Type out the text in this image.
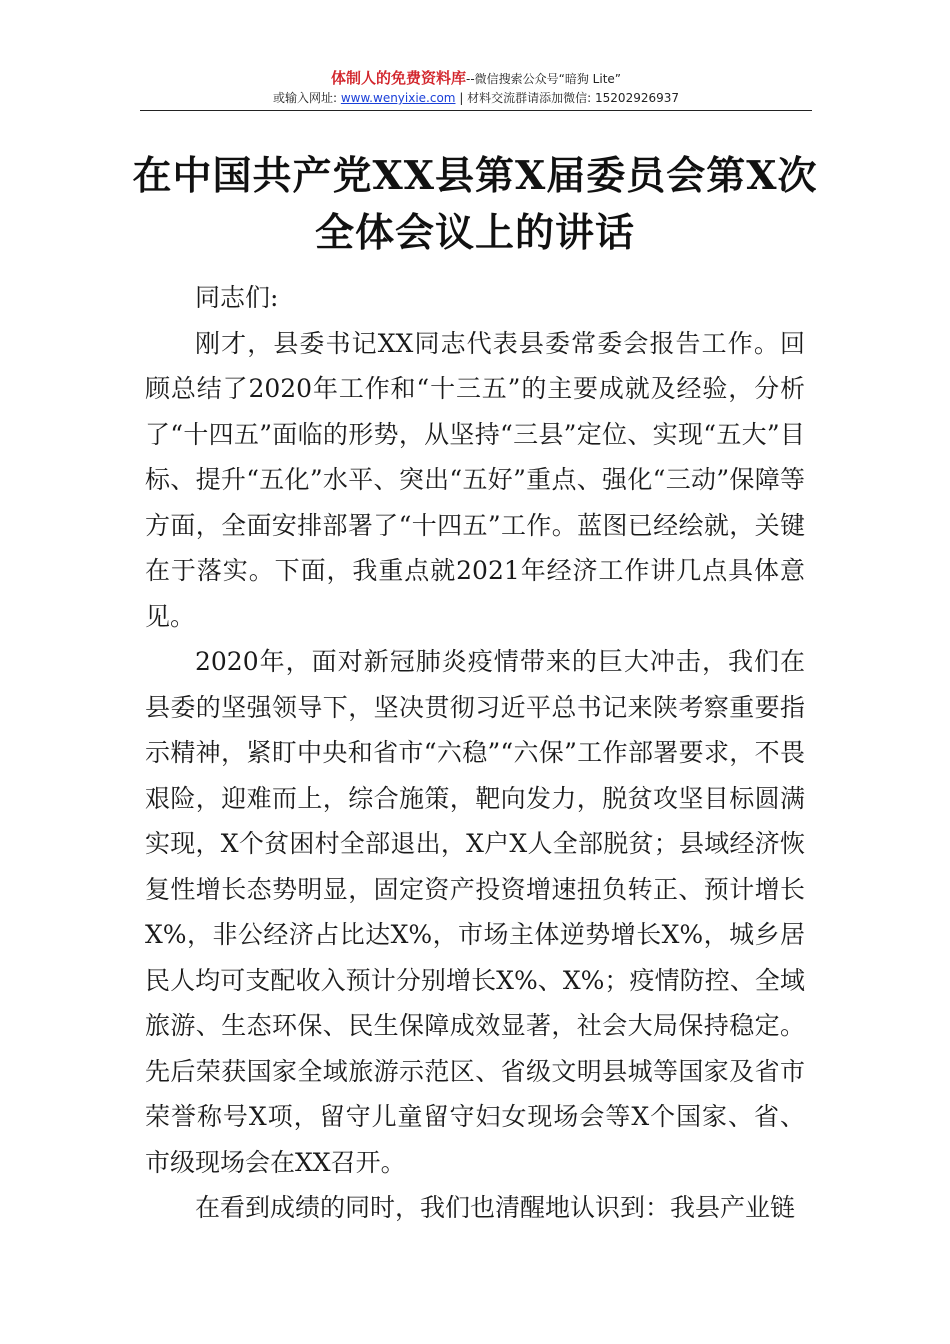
体制人的免费资料库--微信搜索公众号“暗狗 Lite”
或输入网址: www.wenyixie.com | 材料交流群请添加微信: 15202926937
在中国共产党XX县第X届委员会第X次
全体会议上的讲话

同志们:

刚才，县委书记XX同志代表县委常委会报告工作。回顾总结了2020年工作和“十三五”的主要成就及经验，分析了“十四五”面临的形势，从坚持“三县”定位、实现“五大”目标、提升“五化”水平、突出“五好”重点、强化“三动”保障等方面，全面安排部署了“十四五”工作。蓝图已经绘就，关键在于落实。下面，我重点就2021年经济工作讲几点具体意见。

2020年，面对新冠肺炎疫情带来的巨大冲击，我们在县委的坚强领导下，坚决贯彻习近平总书记来陕考察重要指示精神，紧盯中央和省市“六稳”“六保”工作部署要求，不畏艰险，迎难而上，综合施策，靶向发力，脱贫攻坚目标圆满实现，X个贫困村全部退出，X户X人全部脱贫；县域经济恢复性增长态势明显，固定资产投资增速扭负转正、预计增长X%，非公经济占比达X%，市场主体逆势增长X%，城乡居民人均可支配收入预计分别增长X%、X%；疫情防控、全域旅游、生态环保、民生保障成效显著，社会大局保持稳定。先后荣获国家全域旅游示范区、省级文明县城等国家及省市荣誉称号X项，留守儿童留守妇女现场会等X个国家、省、市级现场会在XX召开。

在看到成绩的同时，我们也清醒地认识到：我县产业链
